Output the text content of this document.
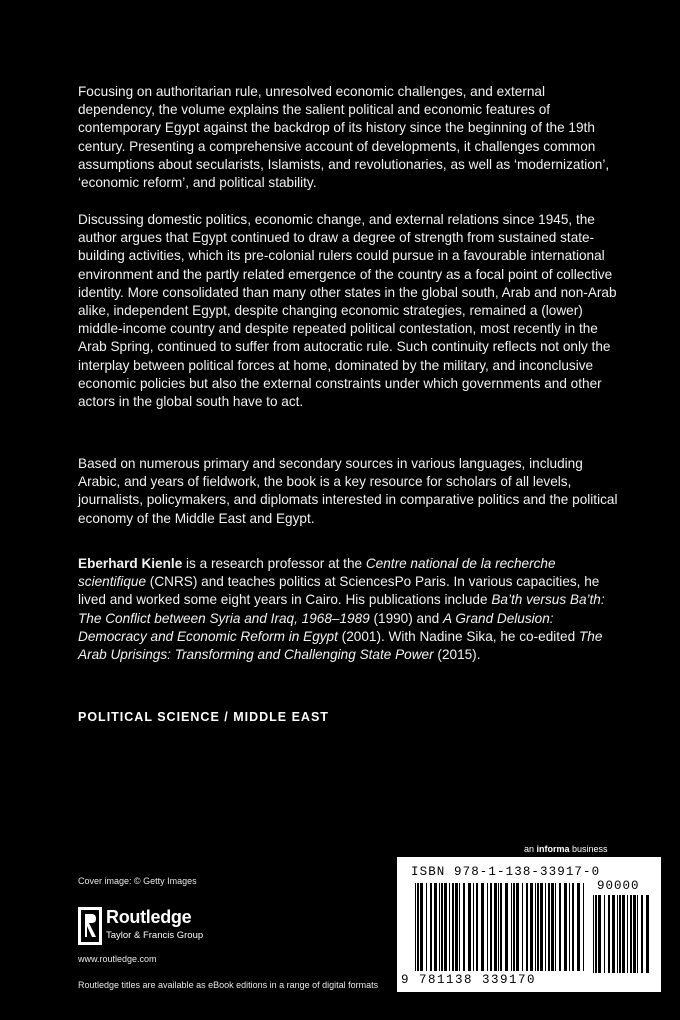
Focusing on authoritarian rule, unresolved economic challenges, and external dependency, the volume explains the salient political and economic features of contemporary Egypt against the backdrop of its history since the beginning of the 19th century. Presenting a comprehensive account of developments, it challenges common assumptions about secularists, Islamists, and revolutionaries, as well as ‘modernization’, ‘economic reform’, and political stability.

Discussing domestic politics, economic change, and external relations since 1945, the author argues that Egypt continued to draw a degree of strength from sustained state-building activities, which its pre-colonial rulers could pursue in a favourable international environment and the partly related emergence of the country as a focal point of collective identity. More consolidated than many other states in the global south, Arab and non-Arab alike, independent Egypt, despite changing economic strategies, remained a (lower) middle-income country and despite repeated political contestation, most recently in the Arab Spring, continued to suffer from autocratic rule. Such continuity reflects not only the interplay between political forces at home, dominated by the military, and inconclusive economic policies but also the external constraints under which governments and other actors in the global south have to act.

Based on numerous primary and secondary sources in various languages, including Arabic, and years of fieldwork, the book is a key resource for scholars of all levels, journalists, policymakers, and diplomats interested in comparative politics and the political economy of the Middle East and Egypt.

Eberhard Kienle is a research professor at the Centre national de la recherche scientifique (CNRS) and teaches politics at SciencesPo Paris. In various capacities, he lived and worked some eight years in Cairo. His publications include Ba’th versus Ba’th: The Conflict between Syria and Iraq, 1968–1989 (1990) and A Grand Delusion: Democracy and Economic Reform in Egypt (2001). With Nadine Sika, he co-edited The Arab Uprisings: Transforming and Challenging State Power (2015).

POLITICAL SCIENCE / MIDDLE EAST
an informa business
Cover image: © Getty Images
Routledge
Taylor & Francis Group
www.routledge.com
Routledge titles are available as eBook editions in a range of digital formats
ISBN 978-1-138-33917-0
90000
9 781138 339170
